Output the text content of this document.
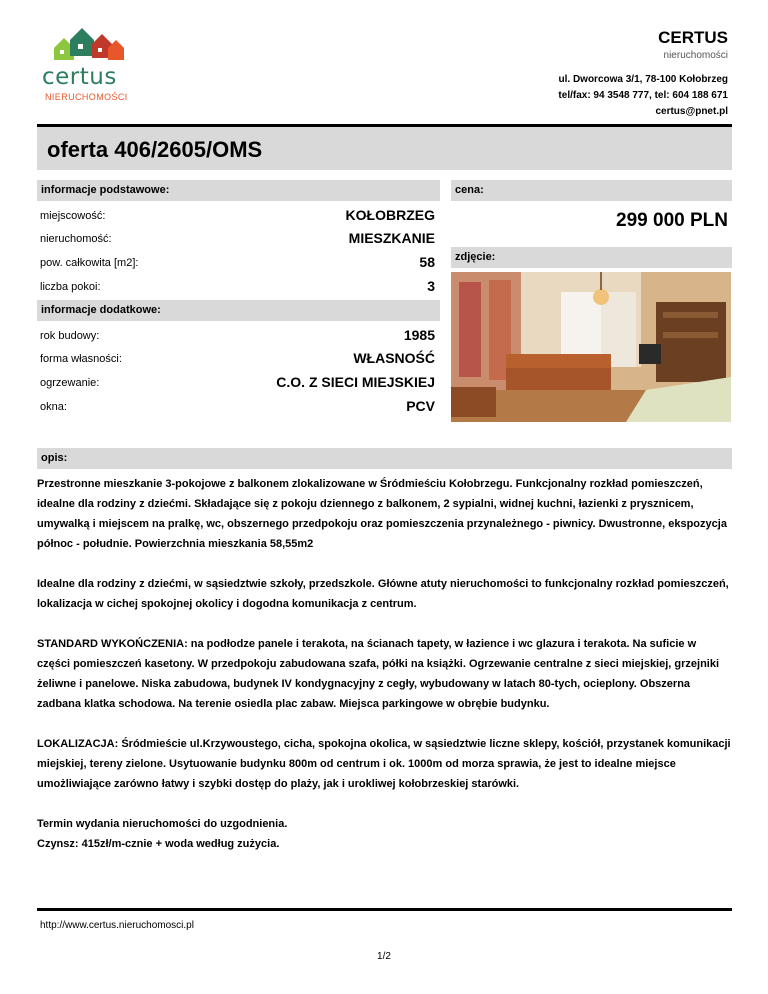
certus
NIERUCHOMOŚCI
CERTUS
nieruchomości
ul. Dworcowa 3/1, 78-100 Kołobrzeg
tel/fax: 94 3548 777, tel: 604 188 671
certus@pnet.pl
oferta 406/2605/OMS
informacje podstawowe:
miejscowość:	KOŁOBRZEG
nieruchomość:	MIESZKANIE
pow. całkowita [m2]:	58
liczba pokoi:	3
informacje dodatkowe:
rok budowy:	1985
forma własności:	WŁASNOŚĆ
ogrzewanie:	C.O. Z SIECI MIEJSKIEJ
okna:	PCV
cena:
299 000 PLN
zdjęcie:
opis:

Przestronne mieszkanie 3-pokojowe z balkonem zlokalizowane w Śródmieściu Kołobrzegu. Funkcjonalny rozkład pomieszczeń, idealne dla rodziny z dziećmi. Składające się z pokoju dziennego z balkonem, 2 sypialni, widnej kuchni, łazienki z prysznicem, umywalką i miejscem na pralkę, wc, obszernego przedpokoju oraz pomieszczenia przynależnego - piwnicy. Dwustronne, ekspozycja północ - południe. Powierzchnia mieszkania 58,55m2

Idealne dla rodziny z dziećmi, w sąsiedztwie szkoły, przedszkole. Główne atuty nieruchomości to funkcjonalny rozkład pomieszczeń, lokalizacja w cichej spokojnej okolicy i dogodna komunikacja z centrum.

STANDARD WYKOŃCZENIA: na podłodze panele i terakota, na ścianach tapety, w łazience i wc glazura i terakota. Na suficie w części pomieszczeń kasetony. W przedpokoju zabudowana szafa, półki na książki. Ogrzewanie centralne z sieci miejskiej, grzejniki żeliwne i panelowe. Niska zabudowa, budynek IV kondygnacyjny z cegły, wybudowany w latach 80-tych, ocieplony. Obszerna zadbana klatka schodowa. Na terenie osiedla plac zabaw. Miejsca parkingowe w obrębie budynku.

LOKALIZACJA: Śródmieście ul.Krzywoustego, cicha, spokojna okolica, w sąsiedztwie liczne sklepy, kościół, przystanek komunikacji miejskiej, tereny zielone. Usytuowanie budynku 800m od centrum i ok. 1000m od morza sprawia, że jest to idealne miejsce umożliwiające zarówno łatwy i szybki dostęp do plaży, jak i urokliwej kołobrzeskiej starówki.

Termin wydania nieruchomości do uzgodnienia.

Czynsz: 415zł/m-cznie + woda według zużycia.

http://www.certus.nieruchomosci.pl
1/2
